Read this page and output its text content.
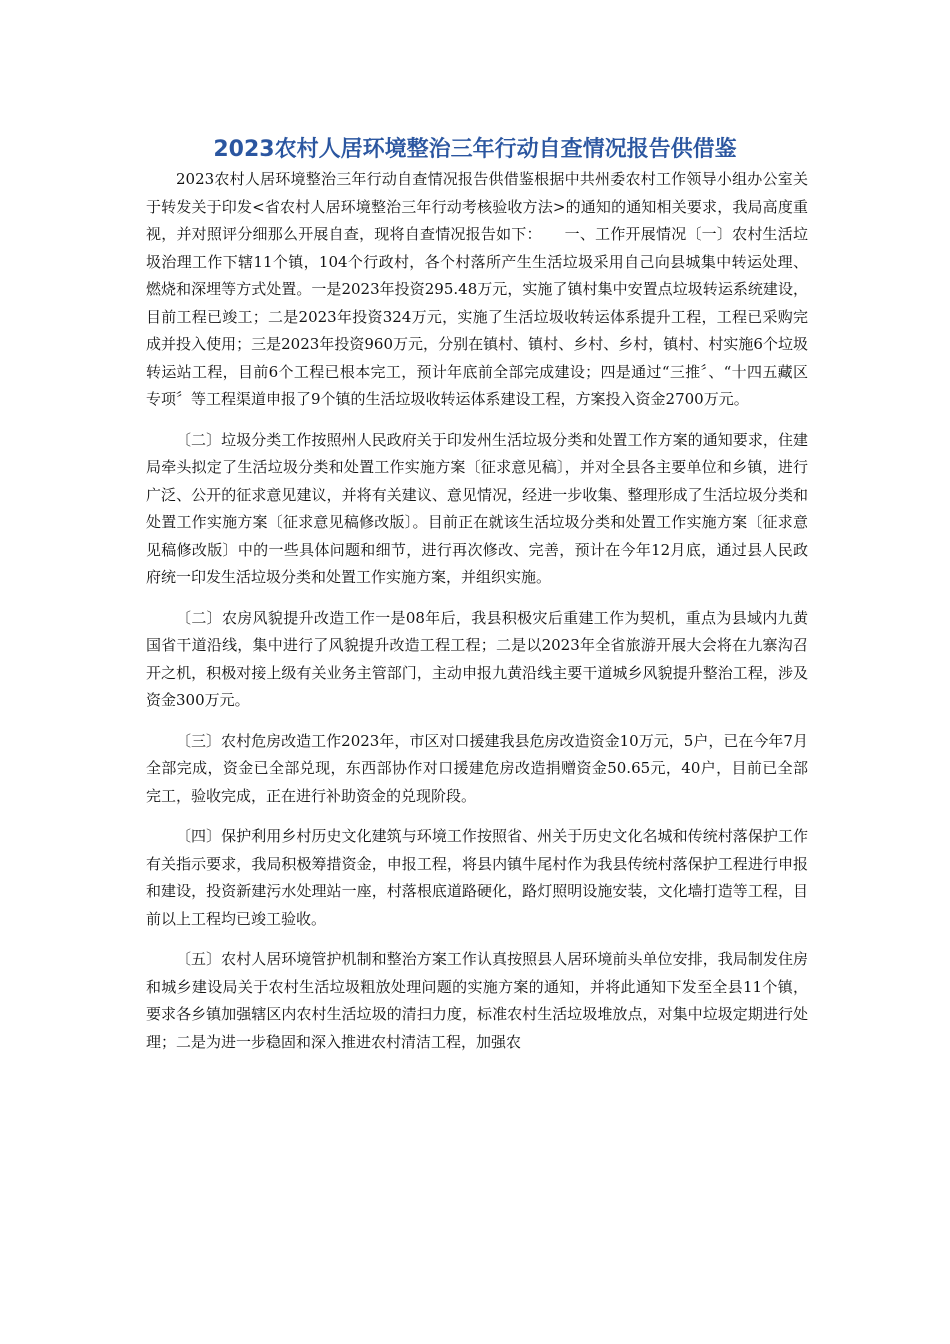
2023农村人居环境整治三年行动自查情况报告供借鉴

2023农村人居环境整治三年行动自查情况报告供借鉴根据中共州委农村工作领导小组办公室关于转发关于印发<省农村人居环境整治三年行动考核验收方法>的通知的通知相关要求，我局高度重视，并对照评分细那么开展自查，现将自查情况报告如下：　　一、工作开展情况〔一〕农村生活垃圾治理工作下辖11个镇，104个行政村，各个村落所产生生活垃圾采用自己向县城集中转运处理、燃烧和深埋等方式处置。一是2023年投资295.48万元，实施了镇村集中安置点垃圾转运系统建设，目前工程已竣工；二是2023年投资324万元，实施了生活垃圾收转运体系提升工程，工程已采购完成并投入使用；三是2023年投资960万元，分别在镇村、镇村、乡村、乡村，镇村、村实施6个垃圾转运站工程，目前6个工程已根本完工，预计年底前全部完成建设；四是通过“三推〞、“十四五藏区专项〞等工程渠道申报了9个镇的生活垃圾收转运体系建设工程，方案投入资金2700万元。

〔二〕垃圾分类工作按照州人民政府关于印发州生活垃圾分类和处置工作方案的通知要求，住建局牵头拟定了生活垃圾分类和处置工作实施方案〔征求意见稿〕，并对全县各主要单位和乡镇，进行广泛、公开的征求意见建议，并将有关建议、意见情况，经进一步收集、整理形成了生活垃圾分类和处置工作实施方案〔征求意见稿修改版〕。目前正在就该生活垃圾分类和处置工作实施方案〔征求意见稿修改版〕中的一些具体问题和细节，进行再次修改、完善，预计在今年12月底，通过县人民政府统一印发生活垃圾分类和处置工作实施方案，并组织实施。

〔二〕农房风貌提升改造工作一是08年后，我县积极灾后重建工作为契机，重点为县域内九黄国省干道沿线，集中进行了风貌提升改造工程工程；二是以2023年全省旅游开展大会将在九寨沟召开之机，积极对接上级有关业务主管部门，主动申报九黄沿线主要干道城乡风貌提升整治工程，涉及资金300万元。

〔三〕农村危房改造工作2023年，市区对口援建我县危房改造资金10万元，5户，已在今年7月全部完成，资金已全部兑现，东西部协作对口援建危房改造捐赠资金50.65元，40户，目前已全部完工，验收完成，正在进行补助资金的兑现阶段。

〔四〕保护利用乡村历史文化建筑与环境工作按照省、州关于历史文化名城和传统村落保护工作有关指示要求，我局积极筹措资金，申报工程，将县内镇牛尾村作为我县传统村落保护工程进行申报和建设，投资新建污水处理站一座，村落根底道路硬化，路灯照明设施安装，文化墙打造等工程，目前以上工程均已竣工验收。

〔五〕农村人居环境管护机制和整治方案工作认真按照县人居环境前头单位安排，我局制发住房和城乡建设局关于农村生活垃圾粗放处理问题的实施方案的通知，并将此通知下发至全县11个镇，要求各乡镇加强辖区内农村生活垃圾的清扫力度，标准农村生活垃圾堆放点，对集中垃圾定期进行处理；二是为进一步稳固和深入推进农村清洁工程，加强农
